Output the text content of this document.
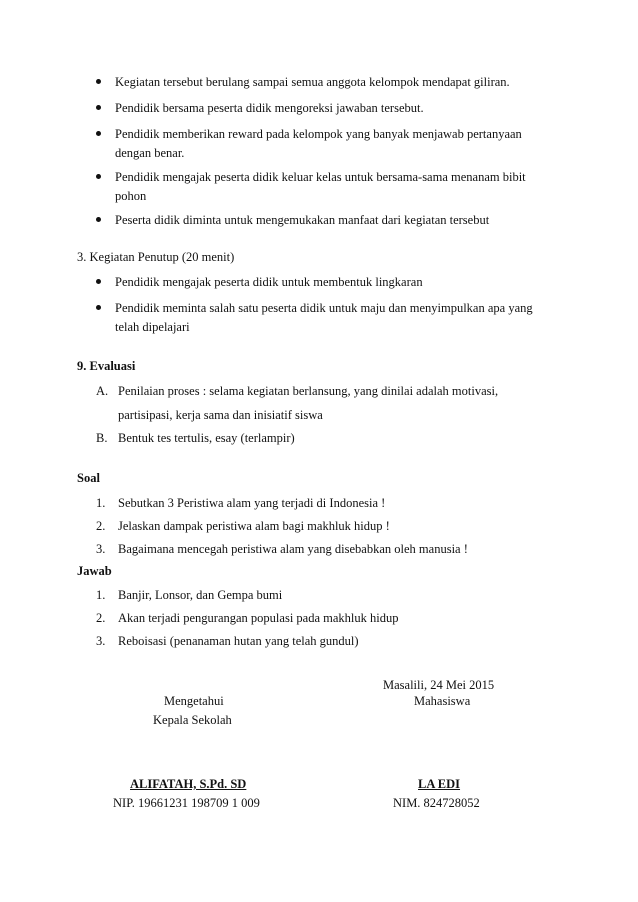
Kegiatan tersebut berulang sampai semua anggota kelompok mendapat giliran.
Pendidik bersama peserta didik mengoreksi jawaban tersebut.
Pendidik memberikan reward pada kelompok yang banyak menjawab pertanyaan
dengan benar.
Pendidik mengajak peserta didik keluar kelas untuk bersama-sama menanam bibit
pohon
Peserta didik diminta untuk mengemukakan manfaat dari kegiatan tersebut
3. Kegiatan Penutup (20 menit)
Pendidik mengajak peserta didik untuk membentuk lingkaran
Pendidik meminta salah satu peserta didik untuk maju dan menyimpulkan apa yang
telah dipelajari
9. Evaluasi
A. Penilaian proses : selama kegiatan berlansung, yang dinilai adalah motivasi,
partisipasi, kerja sama dan inisiatif siswa
B. Bentuk tes tertulis, esay (terlampir)
Soal
1. Sebutkan 3 Peristiwa alam yang terjadi di Indonesia !
2. Jelaskan dampak peristiwa alam bagi makhluk hidup !
3. Bagaimana mencegah peristiwa alam yang disebabkan oleh manusia !
Jawab
1. Banjir, Lonsor, dan Gempa bumi
2. Akan terjadi pengurangan populasi pada makhluk hidup
3. Reboisasi (penanaman hutan yang telah gundul)
Masalili, 24 Mei 2015
Mengetahui	Mahasiswa
Kepala Sekolah
ALIFATAH, S.Pd. SD	LA EDI
NIP. 19661231 198709 1 009	NIM. 824728052
